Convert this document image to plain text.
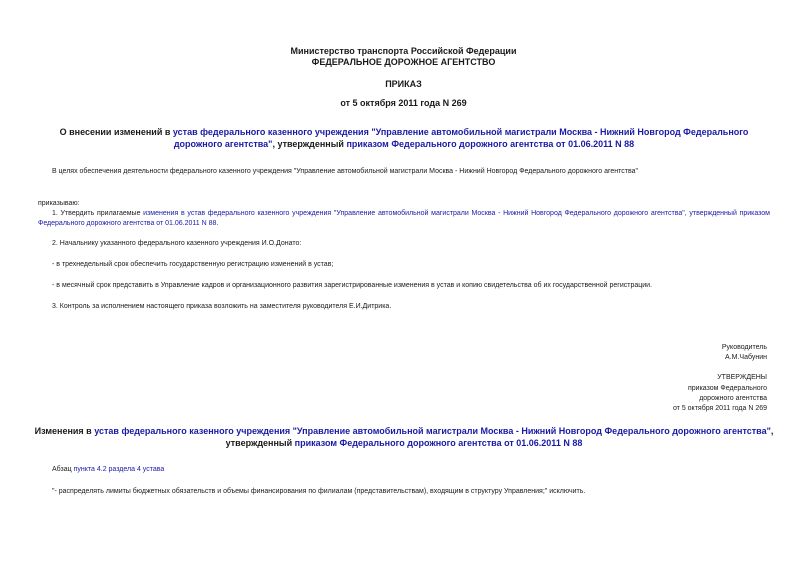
Министерство транспорта Российской Федерации
ФЕДЕРАЛЬНОЕ ДОРОЖНОЕ АГЕНТСТВО
ПРИКАЗ
от 5 октября 2011 года N 269
О внесении изменений в устав федерального казенного учреждения "Управление автомобильной магистрали Москва - Нижний Новгород Федерального дорожного агентства", утвержденный приказом Федерального дорожного агентства от 01.06.2011 N 88
В целях обеспечения деятельности федерального казенного учреждения "Управление автомобильной магистрали Москва - Нижний Новгород Федерального дорожного агентства"
приказываю:
1. Утвердить прилагаемые изменения в устав федерального казенного учреждения "Управление автомобильной магистрали Москва - Нижний Новгород Федерального дорожного агентства", утвержденный приказом Федерального дорожного агентства от 01.06.2011 N 88.
2. Начальнику указанного федерального казенного учреждения И.О.Донато:
- в трехнедельный срок обеспечить государственную регистрацию изменений в устав;
- в месячный срок представить в Управление кадров и организационного развития зарегистрированные изменения в устав и копию свидетельства об их государственной регистрации.
3. Контроль за исполнением настоящего приказа возложить на заместителя руководителя Е.И.Дитрика.
Руководитель
А.М.Чабунин
УТВЕРЖДЕНЫ
приказом Федерального
дорожного агентства
от 5 октября 2011 года N 269
Изменения в устав федерального казенного учреждения "Управление автомобильной магистрали Москва - Нижний Новгород Федерального дорожного агентства", утвержденный приказом Федерального дорожного агентства от 01.06.2011 N 88
Абзац пункта 4.2 раздела 4 устава
"- распределять лимиты бюджетных обязательств и объемы финансирования по филиалам (представительствам), входящим в структуру Управления;" исключить.
